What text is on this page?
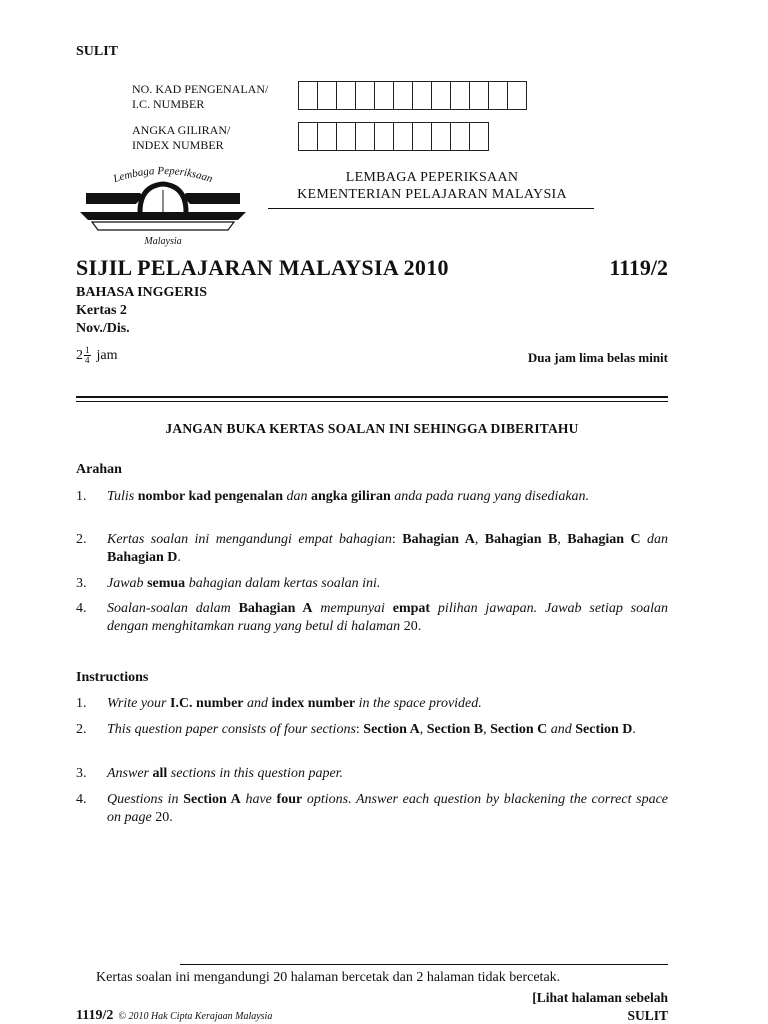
SULIT
NO. KAD PENGENALAN/
I.C. NUMBER
ANGKA GILIRAN/
INDEX NUMBER
Lembaga Peperiksaan
Malaysia
LEMBAGA PEPERIKSAAN
KEMENTERIAN PELAJARAN MALAYSIA
SIJIL PELAJARAN MALAYSIA 2010	1119/2
BAHASA INGGERIS
Kertas 2
Nov./Dis.
$2 \frac{1}{4}$ jam	Dua jam lima belas minit
JANGAN BUKA KERTAS SOALAN INI SEHINGGA DIBERITAHU
Arahan
1.	Tulis nombor kad pengenalan dan angka giliran anda pada ruang yang disediakan.
2.	Kertas soalan ini mengandungi empat bahagian: Bahagian A, Bahagian B, Bahagian C dan Bahagian D.
3.	Jawab semua bahagian dalam kertas soalan ini.
4.	Soalan-soalan dalam Bahagian A mempunyai empat pilihan jawapan. Jawab setiap soalan dengan menghitamkan ruang yang betul di halaman 20.
Instructions
1.	Write your I.C. number and index number in the space provided.
2.	This question paper consists of four sections: Section A, Section B, Section C and Section D.
3.	Answer all sections in this question paper.
4.	Questions in Section A have four options. Answer each question by blackening the correct space on page 20.
Kertas soalan ini mengandungi 20 halaman bercetak dan 2 halaman tidak bercetak.
[Lihat halaman sebelah
1119/2 © 2010 Hak Cipta Kerajaan Malaysia	SULIT
